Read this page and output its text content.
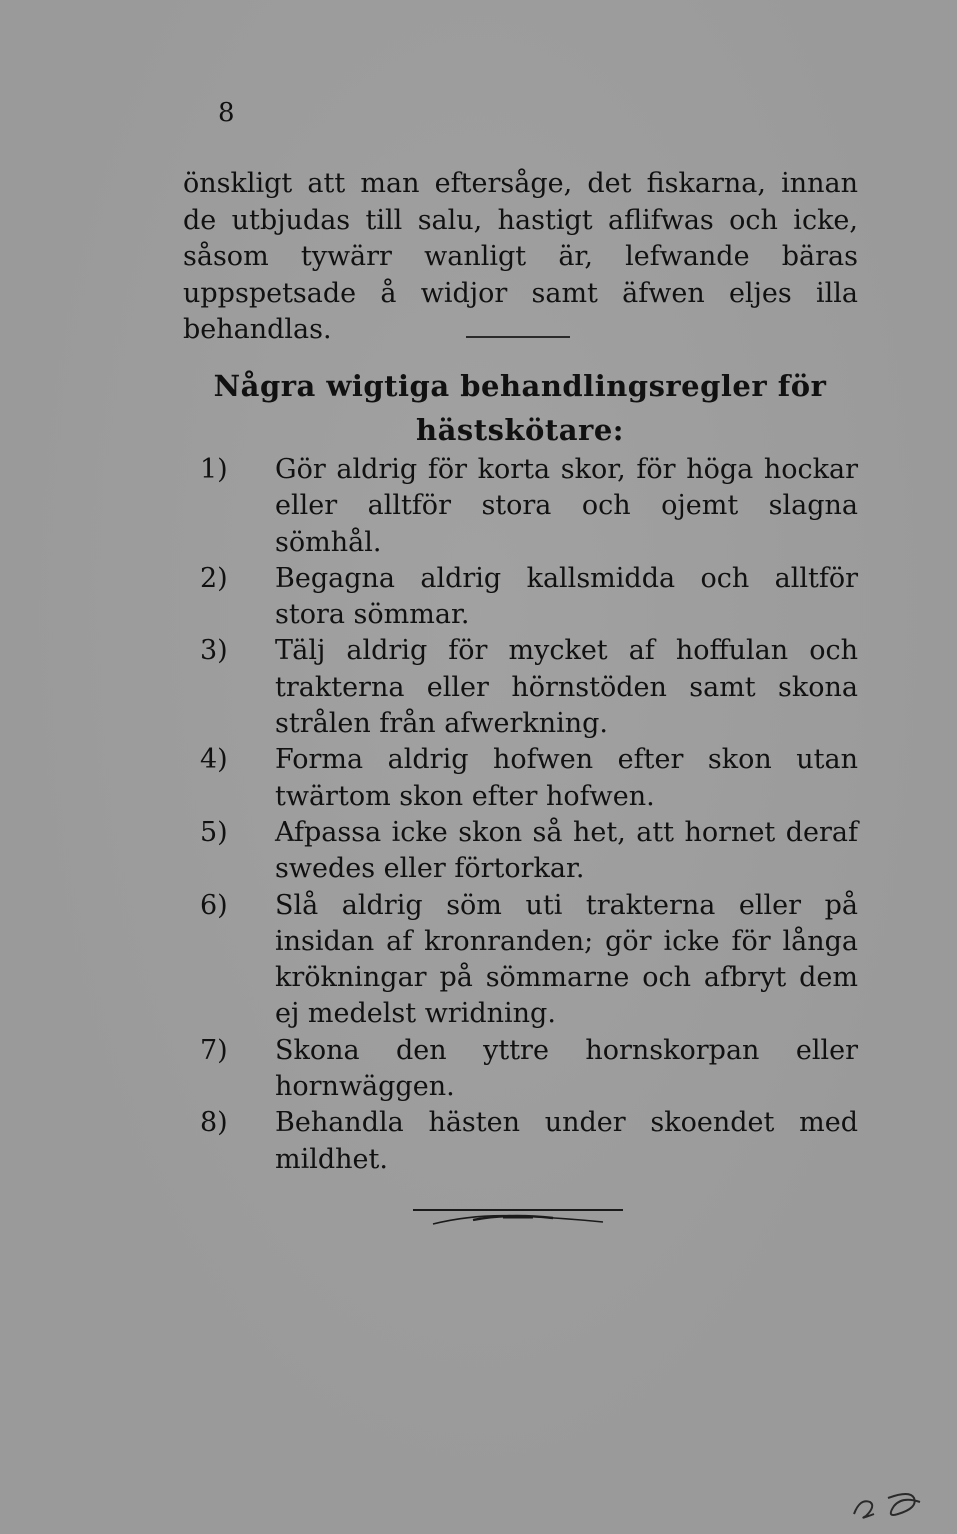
8

önskligt att man eftersåge, det fiskarna, innan de utbjudas till salu, hastigt aflifwas och icke, såsom tywärr wanligt är, lefwande bäras uppspetsade å widjor samt äfwen eljes illa behandlas.

Några wigtiga behandlingsregler för
hästskötare:
1)	Gör aldrig för korta skor, för höga hockar eller alltför stora och ojemt slagna sömhål.
2)	Begagna aldrig kallsmidda och alltför stora sömmar.
3)	Tälj aldrig för mycket af hoffulan och trakterna eller hörnstöden samt skona strålen från afwerkning.
4)	Forma aldrig hofwen efter skon utan twärtom skon efter hofwen.
5)	Afpassa icke skon så het, att hornet deraf swedes eller förtorkar.
6)	Slå aldrig söm uti trakterna eller på insidan af kronranden; gör icke för långa krökningar på sömmarne och afbryt dem ej medelst wridning.
7)	Skona den yttre hornskorpan eller hornwäggen.
8)	Behandla hästen under skoendet med mildhet.
